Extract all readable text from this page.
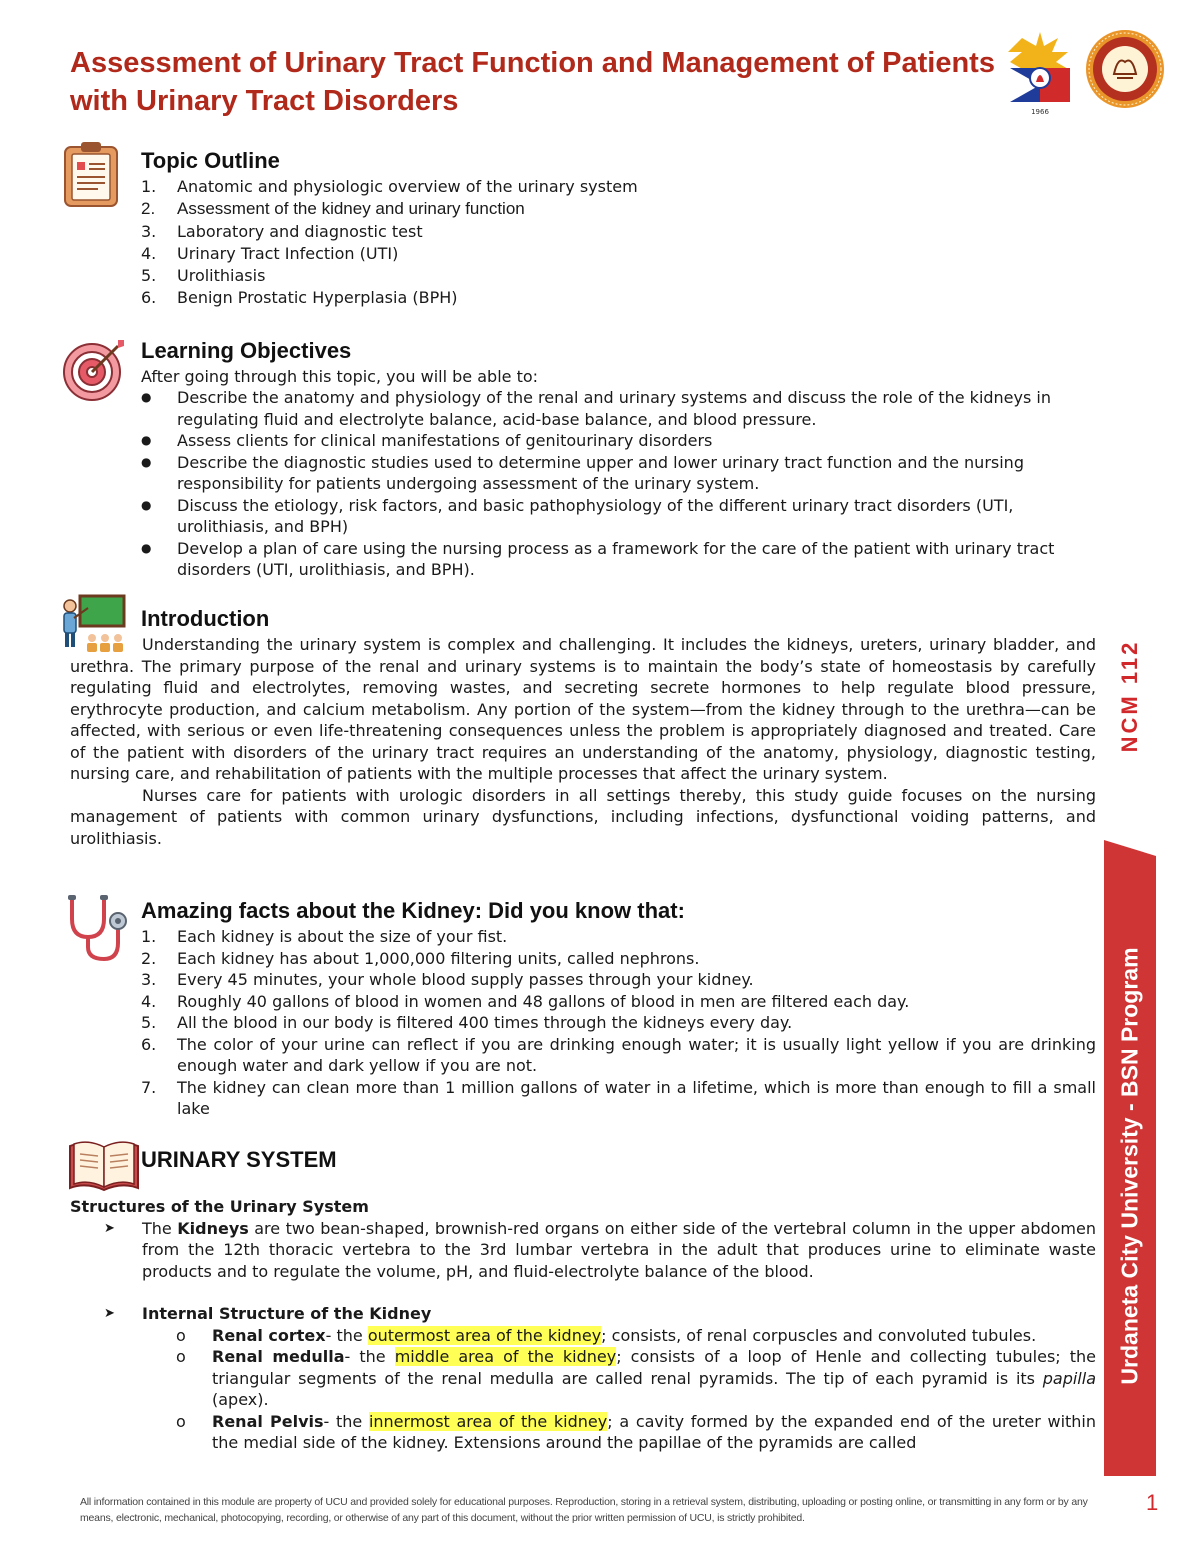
Assessment of Urinary Tract Function and Management of Patients with Urinary Tract Disorders	1966
Topic Outline
1. Anatomic and physiologic overview of the urinary system
2. Assessment of the kidney and urinary function
3. Laboratory and diagnostic test
4. Urinary Tract Infection (UTI)
5. Urolithiasis
6. Benign Prostatic Hyperplasia (BPH)
Learning Objectives
After going through this topic, you will be able to:
● Describe the anatomy and physiology of the renal and urinary systems and discuss the role of the kidneys in regulating fluid and electrolyte balance, acid-base balance, and blood pressure.
● Assess clients for clinical manifestations of genitourinary disorders
● Describe the diagnostic studies used to determine upper and lower urinary tract function and the nursing responsibility for patients undergoing assessment of the urinary system.
● Discuss the etiology, risk factors, and basic pathophysiology of the different urinary tract disorders (UTI, urolithiasis, and BPH)
● Develop a plan of care using the nursing process as a framework for the care of the patient with urinary tract disorders (UTI, urolithiasis, and BPH).
Introduction

Understanding the urinary system is complex and challenging. It includes the kidneys, ureters, urinary bladder, and urethra. The primary purpose of the renal and urinary systems is to maintain the body’s state of homeostasis by carefully regulating fluid and electrolytes, removing wastes, and secreting secrete hormones to help regulate blood pressure, erythrocyte production, and calcium metabolism. Any portion of the system—from the kidney through to the urethra—can be affected, with serious or even life-threatening consequences unless the problem is appropriately diagnosed and treated. Care of the patient with disorders of the urinary tract requires an understanding of the anatomy, physiology, diagnostic testing, nursing care, and rehabilitation of patients with the multiple processes that affect the urinary system.

Nurses care for patients with urologic disorders in all settings thereby, this study guide focuses on the nursing management of patients with common urinary dysfunctions, including infections, dysfunctional voiding patterns, and urolithiasis.

Amazing facts about the Kidney: Did you know that:
1. Each kidney is about the size of your fist.
2. Each kidney has about 1,000,000 filtering units, called nephrons.
3. Every 45 minutes, your whole blood supply passes through your kidney.
4. Roughly 40 gallons of blood in women and 48 gallons of blood in men are filtered each day.
5. All the blood in our body is filtered 400 times through the kidneys every day.
6. The color of your urine can reflect if you are drinking enough water; it is usually light yellow if you are drinking enough water and dark yellow if you are not.
7. The kidney can clean more than 1 million gallons of water in a lifetime, which is more than enough to fill a small lake
URINARY SYSTEM

Structures of the Urinary System

➤ The Kidneys are two bean-shaped, brownish-red organs on either side of the vertebral column in the upper abdomen from the 12th thoracic vertebra to the 3rd lumbar vertebra in the adult that produces urine to eliminate waste products and to regulate the volume, pH, and fluid-electrolyte balance of the blood.
➤ Internal Structure of the Kidney
o Renal cortex- the outermost area of the kidney; consists, of renal corpuscles and convoluted tubules.
o Renal medulla- the middle area of the kidney; consists of a loop of Henle and collecting tubules; the triangular segments of the renal medulla are called renal pyramids. The tip of each pyramid is its papilla (apex).
o Renal Pelvis- the innermost area of the kidney; a cavity formed by the expanded end of the ureter within the medial side of the kidney. Extensions around the papillae of the pyramids are called
NCM 112
Urdaneta City University - BSN Program
All information contained in this module are property of UCU and provided solely for educational purposes. Reproduction, storing in a retrieval system, distributing, uploading or posting online, or transmitting in any form or by any means, electronic, mechanical, photocopying, recording, or otherwise of any part of this document, without the prior written permission of UCU, is strictly prohibited.
1
